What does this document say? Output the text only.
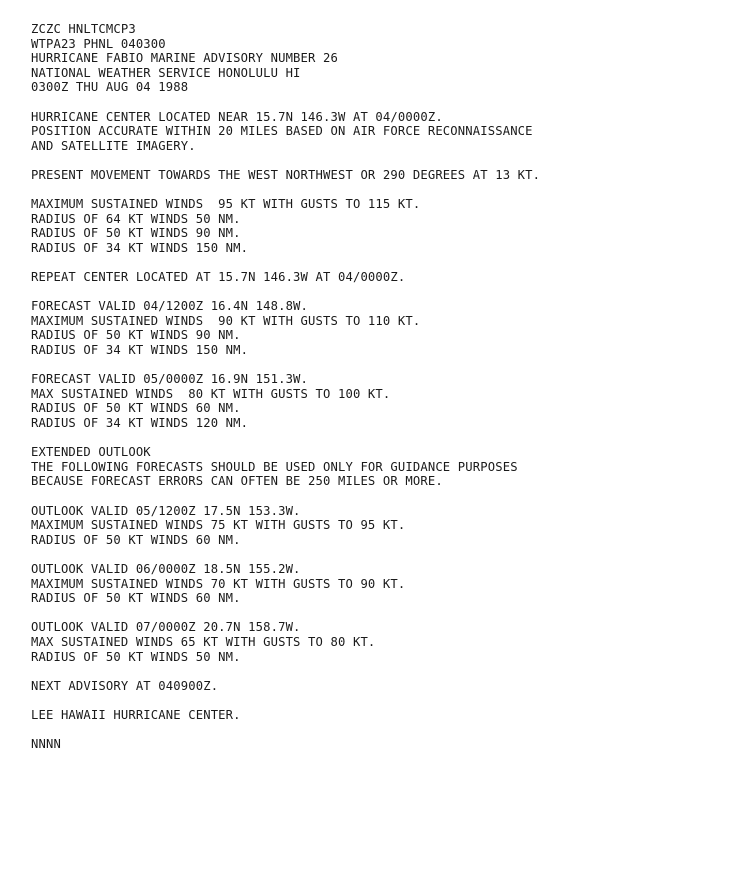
ZCZC HNLTCMCP3
WTPA23 PHNL 040300
HURRICANE FABIO MARINE ADVISORY NUMBER 26
NATIONAL WEATHER SERVICE HONOLULU HI
0300Z THU AUG 04 1988
HURRICANE CENTER LOCATED NEAR 15.7N 146.3W AT 04/0000Z.
POSITION ACCURATE WITHIN 20 MILES BASED ON AIR FORCE RECONNAISSANCE
AND SATELLITE IMAGERY.
PRESENT MOVEMENT TOWARDS THE WEST NORTHWEST OR 290 DEGREES AT 13 KT.
MAXIMUM SUSTAINED WINDS  95 KT WITH GUSTS TO 115 KT.
RADIUS OF 64 KT WINDS 50 NM.
RADIUS OF 50 KT WINDS 90 NM.
RADIUS OF 34 KT WINDS 150 NM.
REPEAT CENTER LOCATED AT 15.7N 146.3W AT 04/0000Z.
FORECAST VALID 04/1200Z 16.4N 148.8W.
MAXIMUM SUSTAINED WINDS  90 KT WITH GUSTS TO 110 KT.
RADIUS OF 50 KT WINDS 90 NM.
RADIUS OF 34 KT WINDS 150 NM.
FORECAST VALID 05/0000Z 16.9N 151.3W.
MAX SUSTAINED WINDS  80 KT WITH GUSTS TO 100 KT.
RADIUS OF 50 KT WINDS 60 NM.
RADIUS OF 34 KT WINDS 120 NM.
EXTENDED OUTLOOK
THE FOLLOWING FORECASTS SHOULD BE USED ONLY FOR GUIDANCE PURPOSES
BECAUSE FORECAST ERRORS CAN OFTEN BE 250 MILES OR MORE.
OUTLOOK VALID 05/1200Z 17.5N 153.3W.
MAXIMUM SUSTAINED WINDS 75 KT WITH GUSTS TO 95 KT.
RADIUS OF 50 KT WINDS 60 NM.
OUTLOOK VALID 06/0000Z 18.5N 155.2W.
MAXIMUM SUSTAINED WINDS 70 KT WITH GUSTS TO 90 KT.
RADIUS OF 50 KT WINDS 60 NM.
OUTLOOK VALID 07/0000Z 20.7N 158.7W.
MAX SUSTAINED WINDS 65 KT WITH GUSTS TO 80 KT.
RADIUS OF 50 KT WINDS 50 NM.
NEXT ADVISORY AT 040900Z.
LEE HAWAII HURRICANE CENTER.
NNNN
